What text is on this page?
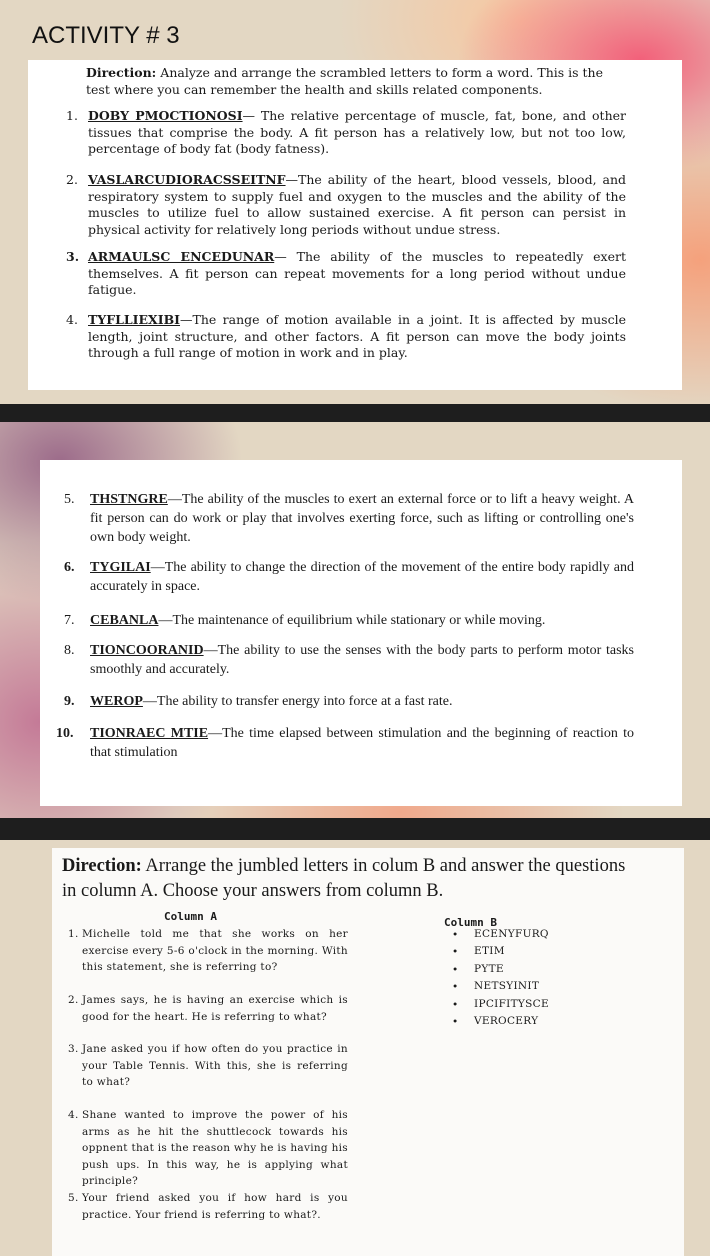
ACTIVITY # 3
Direction: Analyze and arrange the scrambled letters to form a word. This is the test where you can remember the health and skills related components.
1. DOBY PMOCTIONOSI— The relative percentage of muscle, fat, bone, and other tissues that comprise the body. A fit person has a relatively low, but not too low, percentage of body fat (body fatness).
2. VASLARCUDIORACSSEITNF—The ability of the heart, blood vessels, blood, and respiratory system to supply fuel and oxygen to the muscles and the ability of the muscles to utilize fuel to allow sustained exercise. A fit person can persist in physical activity for relatively long periods without undue stress.
3. ARMAULSC ENCEDUNAR— The ability of the muscles to repeatedly exert themselves. A fit person can repeat movements for a long period without undue fatigue.
4. TYFLLIEXIBI—The range of motion available in a joint. It is affected by muscle length, joint structure, and other factors. A fit person can move the body joints through a full range of motion in work and in play.
5. THSTNGRE—The ability of the muscles to exert an external force or to lift a heavy weight. A fit person can do work or play that involves exerting force, such as lifting or controlling one's own body weight.
6. TYGILAI—The ability to change the direction of the movement of the entire body rapidly and accurately in space.
7. CEBANLA—The maintenance of equilibrium while stationary or while moving.
8. TIONCOORANID—The ability to use the senses with the body parts to perform motor tasks smoothly and accurately.
9. WEROP—The ability to transfer energy into force at a fast rate.
10. TIONRAEC MTIE—The time elapsed between stimulation and the beginning of reaction to that stimulation
Direction: Arrange the jumbled letters in colum B and answer the questions in column A. Choose your answers from column B.
Column A	Column B
1. Michelle told me that she works on her exercise every 5-6 o'clock in the morning. With this statement, she is referring to?
2. James says, he is having an exercise which is good for the heart. He is referring to what?
3. Jane asked you if how often do you practice in your Table Tennis. With this, she is referring to what?
4. Shane wanted to improve the power of his arms as he hit the shuttlecock towards his oppnent that is the reason why he is having his push ups. In this way, he is applying what principle?
5. Your friend asked you if how hard is you practice. Your friend is referring to what?.
• ECENYFURQ
• ETIM
• PYTE
• NETSYINIT
• IPCIFITYSCE
• VEROCERY
